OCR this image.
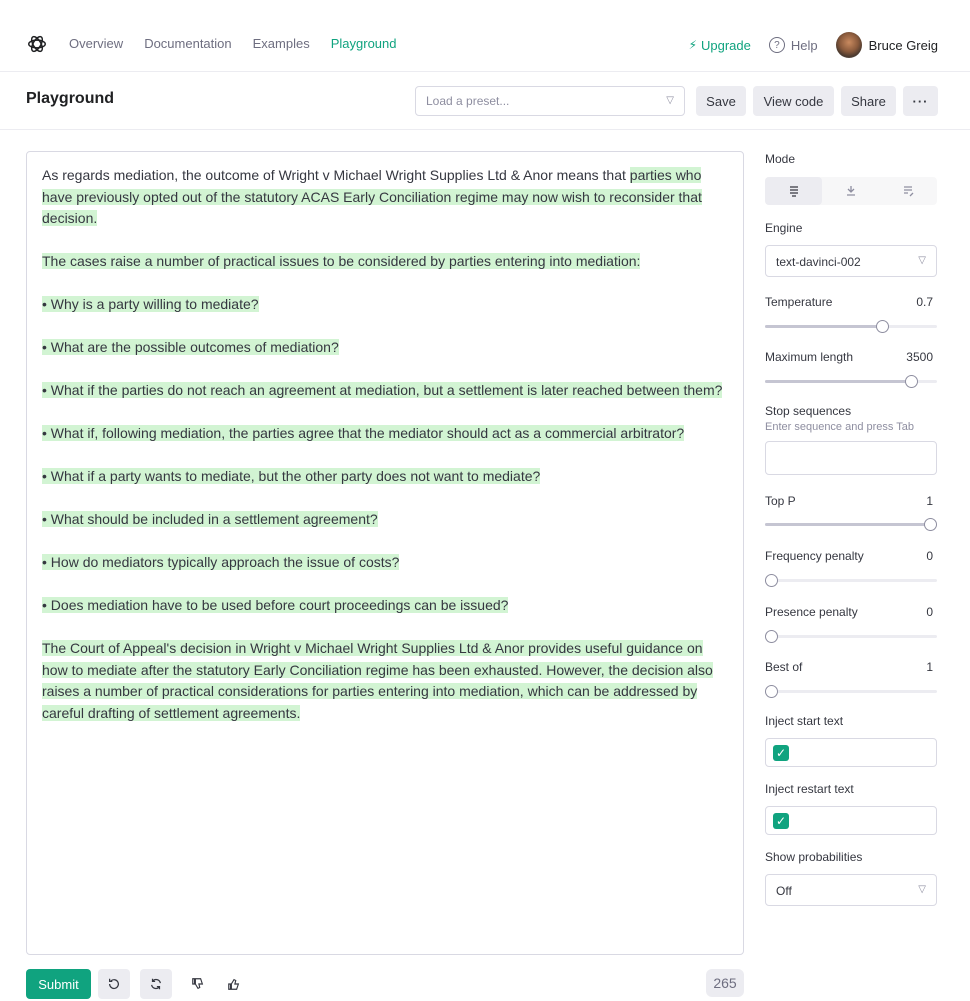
Overview Documentation Examples Playground	⚡ Upgrade	? Help	Bruce Greig
Playground	Load a preset...	▽	Save	View code	Share	···
As regards mediation, the outcome of Wright v Michael Wright Supplies Ltd & Anor means that parties who have previously opted out of the statutory ACAS Early Conciliation regime may now wish to reconsider that decision.
The cases raise a number of practical issues to be considered by parties entering into mediation:
• Why is a party willing to mediate?
• What are the possible outcomes of mediation?
• What if the parties do not reach an agreement at mediation, but a settlement is later reached between them?
• What if, following mediation, the parties agree that the mediator should act as a commercial arbitrator?
• What if a party wants to mediate, but the other party does not want to mediate?
• What should be included in a settlement agreement?
• How do mediators typically approach the issue of costs?
• Does mediation have to be used before court proceedings can be issued?
The Court of Appeal's decision in Wright v Michael Wright Supplies Ltd & Anor provides useful guidance on how to mediate after the statutory Early Conciliation regime has been exhausted. However, the decision also raises a number of practical considerations for parties entering into mediation, which can be addressed by careful drafting of settlement agreements.
Submit	265
Mode
Engine
text-davinci-002	▽
Temperature	0.7
Maximum length	3500
Stop sequences
Enter sequence and press Tab
Top P	1
Frequency penalty	0
Presence penalty	0
Best of	1
Inject start text
✓
Inject restart text
✓
Show probabilities
Off	▽
